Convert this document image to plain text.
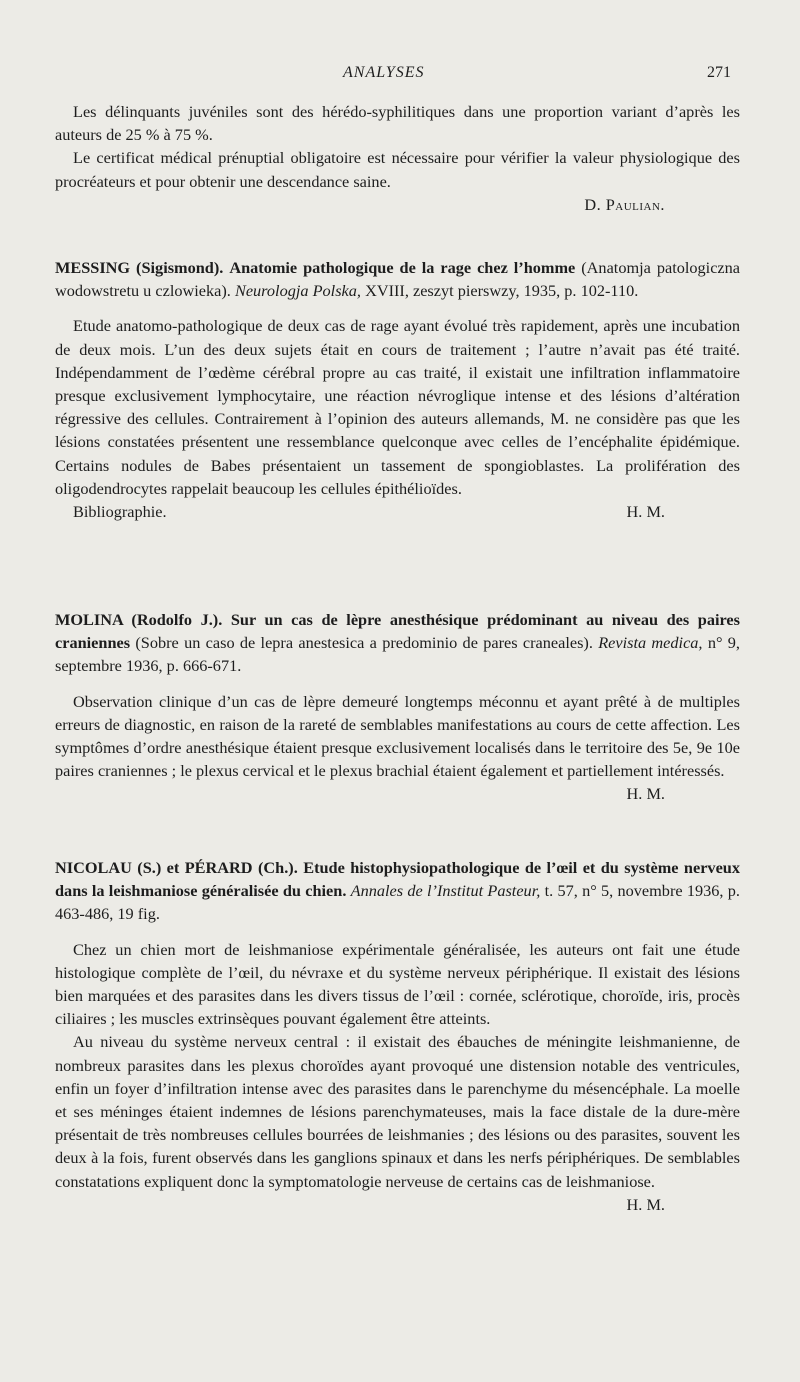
ANALYSES	271

Les délinquants juvéniles sont des hérédo-syphilitiques dans une proportion variant d’après les auteurs de 25 % à 75 %.

Le certificat médical prénuptial obligatoire est nécessaire pour vérifier la valeur physiologique des procréateurs et pour obtenir une descendance saine.

D. Paulian.

MESSING (Sigismond). Anatomie pathologique de la rage chez l’homme (Anatomja patologiczna wodowstretu u czlowieka). Neurologja Polska, XVIII, zeszyt pierswzy, 1935, p. 102-110.

Etude anatomo-pathologique de deux cas de rage ayant évolué très rapidement, après une incubation de deux mois. L’un des deux sujets était en cours de traitement ; l’autre n’avait pas été traité. Indépendamment de l’œdème cérébral propre au cas traité, il existait une infiltration inflammatoire presque exclusivement lymphocytaire, une réaction névroglique intense et des lésions d’altération régressive des cellules. Contrairement à l’opinion des auteurs allemands, M. ne considère pas que les lésions constatées présentent une ressemblance quelconque avec celles de l’encéphalite épidémique. Certains nodules de Babes présentaient un tassement de spongioblastes. La prolifération des oligodendrocytes rappelait beaucoup les cellules épithélioïdes.

Bibliographie.	H. M.

MOLINA (Rodolfo J.). Sur un cas de lèpre anesthésique prédominant au niveau des paires craniennes (Sobre un caso de lepra anestesica a predominio de pares craneales). Revista medica, n° 9, septembre 1936, p. 666-671.

Observation clinique d’un cas de lèpre demeuré longtemps méconnu et ayant prêté à de multiples erreurs de diagnostic, en raison de la rareté de semblables manifestations au cours de cette affection. Les symptômes d’ordre anesthésique étaient presque exclusivement localisés dans le territoire des 5e, 9e 10e paires craniennes ; le plexus cervical et le plexus brachial étaient également et partiellement intéressés.

H. M.

NICOLAU (S.) et PÉRARD (Ch.). Etude histophysiopathologique de l’œil et du système nerveux dans la leishmaniose généralisée du chien. Annales de l’Institut Pasteur, t. 57, n° 5, novembre 1936, p. 463-486, 19 fig.

Chez un chien mort de leishmaniose expérimentale généralisée, les auteurs ont fait une étude histologique complète de l’œil, du névraxe et du système nerveux périphérique. Il existait des lésions bien marquées et des parasites dans les divers tissus de l’œil : cornée, sclérotique, choroïde, iris, procès ciliaires ; les muscles extrinsèques pouvant également être atteints.

Au niveau du système nerveux central : il existait des ébauches de méningite leishmanienne, de nombreux parasites dans les plexus choroïdes ayant provoqué une distension notable des ventricules, enfin un foyer d’infiltration intense avec des parasites dans le parenchyme du mésencéphale. La moelle et ses méninges étaient indemnes de lésions parenchymateuses, mais la face distale de la dure-mère présentait de très nombreuses cellules bourrées de leishmanies ; des lésions ou des parasites, souvent les deux à la fois, furent observés dans les ganglions spinaux et dans les nerfs périphériques. De semblables constatations expliquent donc la symptomatologie nerveuse de certains cas de leishmaniose.
H. M.
